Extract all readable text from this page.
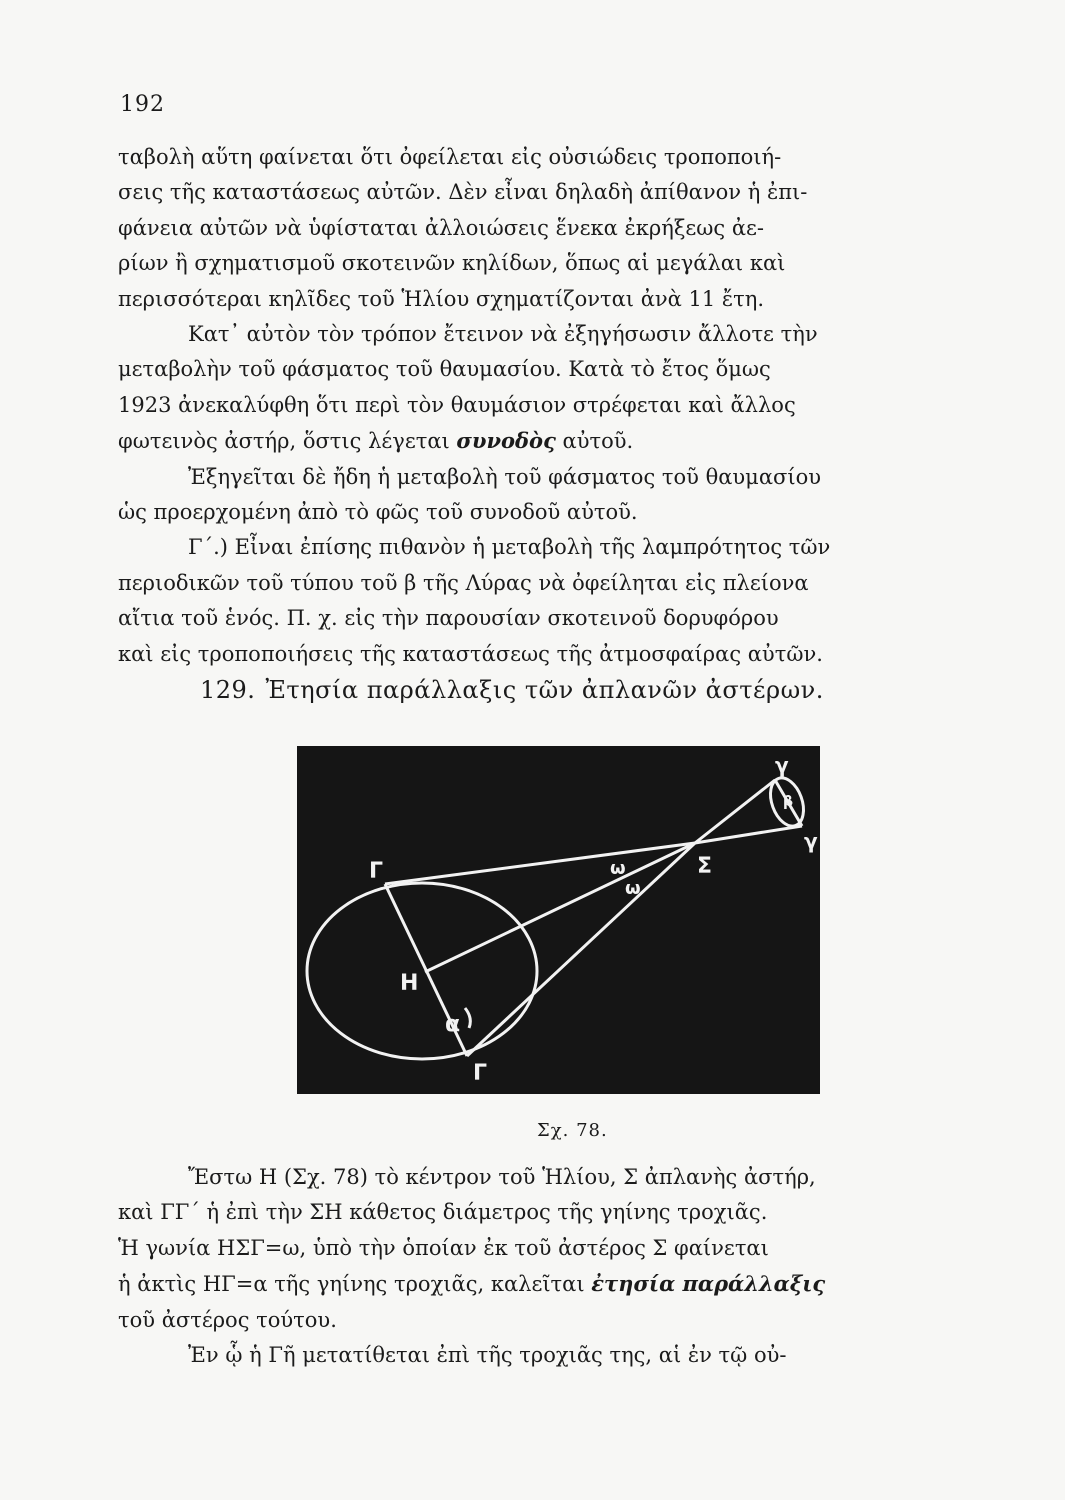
192
ταβολὴ αὕτη φαίνεται ὅτι ὀφείλεται εἰς οὐσιώδεις τροποποιή-
σεις τῆς καταστάσεως αὐτῶν. Δὲν εἶναι δηλαδὴ ἀπίθανον ἡ ἐπι-
φάνεια αὐτῶν νὰ ὑφίσταται ἀλλοιώσεις ἕνεκα ἐκρήξεως ἀε-
ρίων ἢ σχηματισμοῦ σκοτεινῶν κηλίδων, ὅπως αἱ μεγάλαι καὶ
περισσότεραι κηλῖδες τοῦ Ἡλίου σχηματίζονται ἀνὰ 11 ἔτη.
Κατ᾽ αὐτὸν τὸν τρόπον ἔτεινον νὰ ἐξηγήσωσιν ἄλλοτε τὴν
μεταβολὴν τοῦ φάσματος τοῦ θαυμασίου. Κατὰ τὸ ἔτος ὅμως
1923 ἀνεκαλύφθη ὅτι περὶ τὸν θαυμάσιον στρέφεται καὶ ἄλλος
φωτεινὸς ἀστήρ, ὅστις λέγεται συνοδὸς αὐτοῦ.
Ἐξηγεῖται δὲ ἤδη ἡ μεταβολὴ τοῦ φάσματος τοῦ θαυμασίου
ὡς προερχομένη ἀπὸ τὸ φῶς τοῦ συνοδοῦ αὐτοῦ.
Γ΄.) Εἶναι ἐπίσης πιθανὸν ἡ μεταβολὴ τῆς λαμπρότητος τῶν
περιοδικῶν τοῦ τύπου τοῦ β τῆς Λύρας νὰ ὀφείληται εἰς πλείονα
αἴτια τοῦ ἑνός. Π. χ. εἰς τὴν παρουσίαν σκοτεινοῦ δορυφόρου
καὶ εἰς τροποποιήσεις τῆς καταστάσεως τῆς ἀτμοσφαίρας αὐτῶν.
129. Ἐτησία παράλλαξις τῶν ἀπλανῶν ἀστέρων.
Γ
Γ
Η
α
Σ
ω
ω
γ
γ
β
Σχ. 78.
Ἔστω Η (Σχ. 78) τὸ κέντρον τοῦ Ἡλίου, Σ ἀπλανὴς ἀστήρ,
καὶ ΓΓ΄ ἡ ἐπὶ τὴν ΣΗ κάθετος διάμετρος τῆς γηίνης τροχιᾶς.
Ἡ γωνία ΗΣΓ=ω, ὑπὸ τὴν ὁποίαν ἐκ τοῦ ἀστέρος Σ φαίνεται
ἡ ἀκτὶς ΗΓ=α τῆς γηίνης τροχιᾶς, καλεῖται ἐτησία παράλλαξις
τοῦ ἀστέρος τούτου.
Ἐν ᾧ ἡ Γῆ μετατίθεται ἐπὶ τῆς τροχιᾶς της, αἱ ἐν τῷ οὐ-
